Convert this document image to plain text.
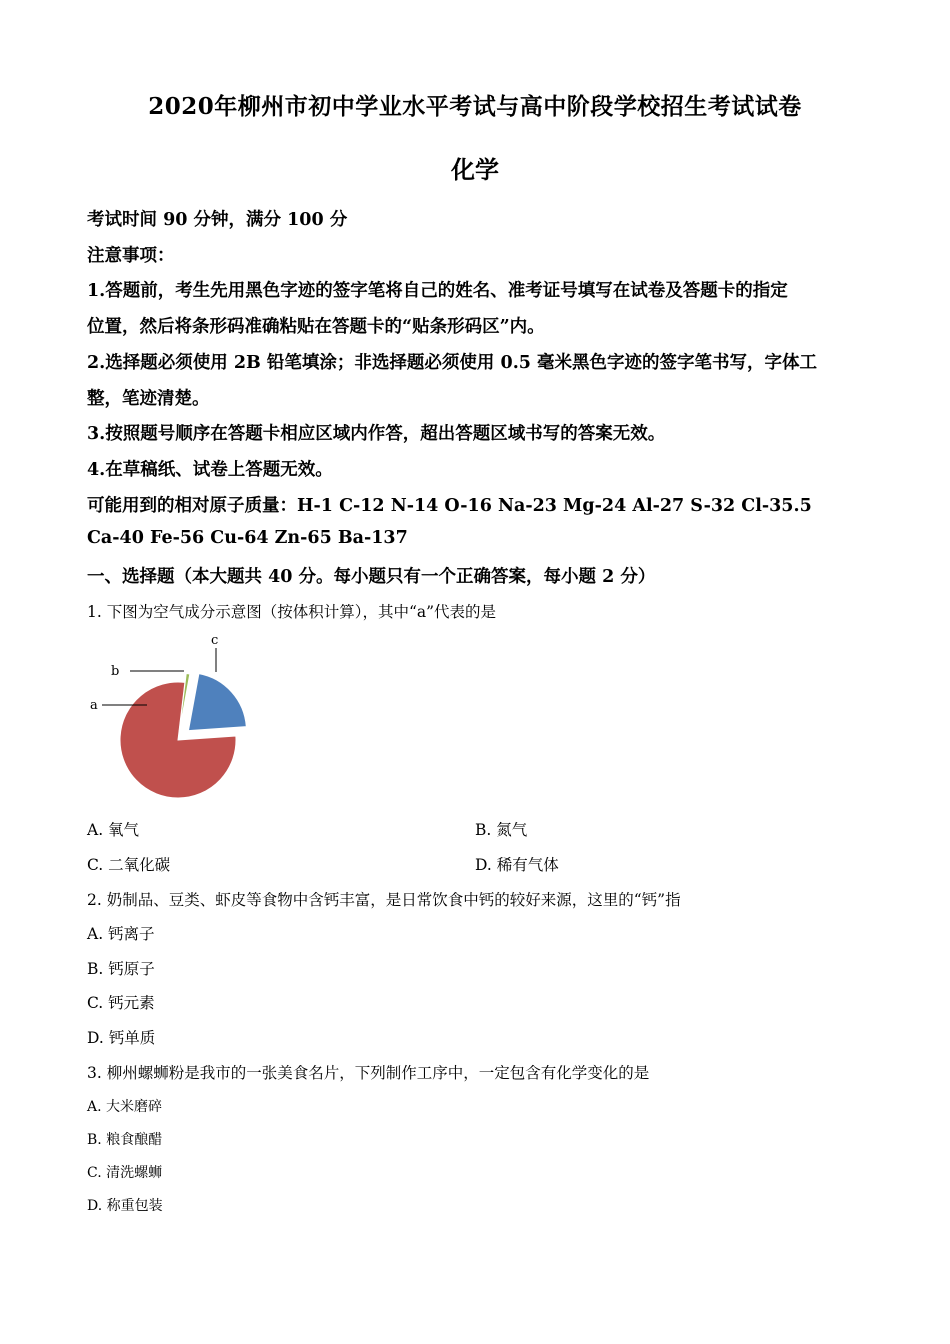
2020年柳州市初中学业水平考试与高中阶段学校招生考试试卷
化学
考试时间 90 分钟，满分 100 分
注意事项：
1.答题前，考生先用黑色字迹的签字笔将自己的姓名、准考证号填写在试卷及答题卡的指定
位置，然后将条形码准确粘贴在答题卡的“贴条形码区”内。
2.选择题必须使用 2B 铅笔填涂；非选择题必须使用 0.5 毫米黑色字迹的签字笔书写，字体工
整，笔迹清楚。
3.按照题号顺序在答题卡相应区域内作答，超出答题区域书写的答案无效。
4.在草稿纸、试卷上答题无效。
可能用到的相对原子质量：H-1 C-12 N-14 O-16 Na-23 Mg-24 Al-27 S-32 Cl-35.5
Ca-40 Fe-56 Cu-64 Zn-65 Ba-137
一、选择题（本大题共 40 分。每小题只有一个正确答案，每小题 2 分）
1. 下图为空气成分示意图（按体积计算），其中“a”代表的是
a
b
c
A. 氧气	B. 氮气
C. 二氧化碳	D. 稀有气体
2. 奶制品、豆类、虾皮等食物中含钙丰富，是日常饮食中钙的较好来源，这里的“钙”指
A. 钙离子
B. 钙原子
C. 钙元素
D. 钙单质
3. 柳州螺蛳粉是我市的一张美食名片，下列制作工序中，一定包含有化学变化的是
A. 大米磨碎
B. 粮食酿醋
C. 清洗螺蛳
D. 称重包装
